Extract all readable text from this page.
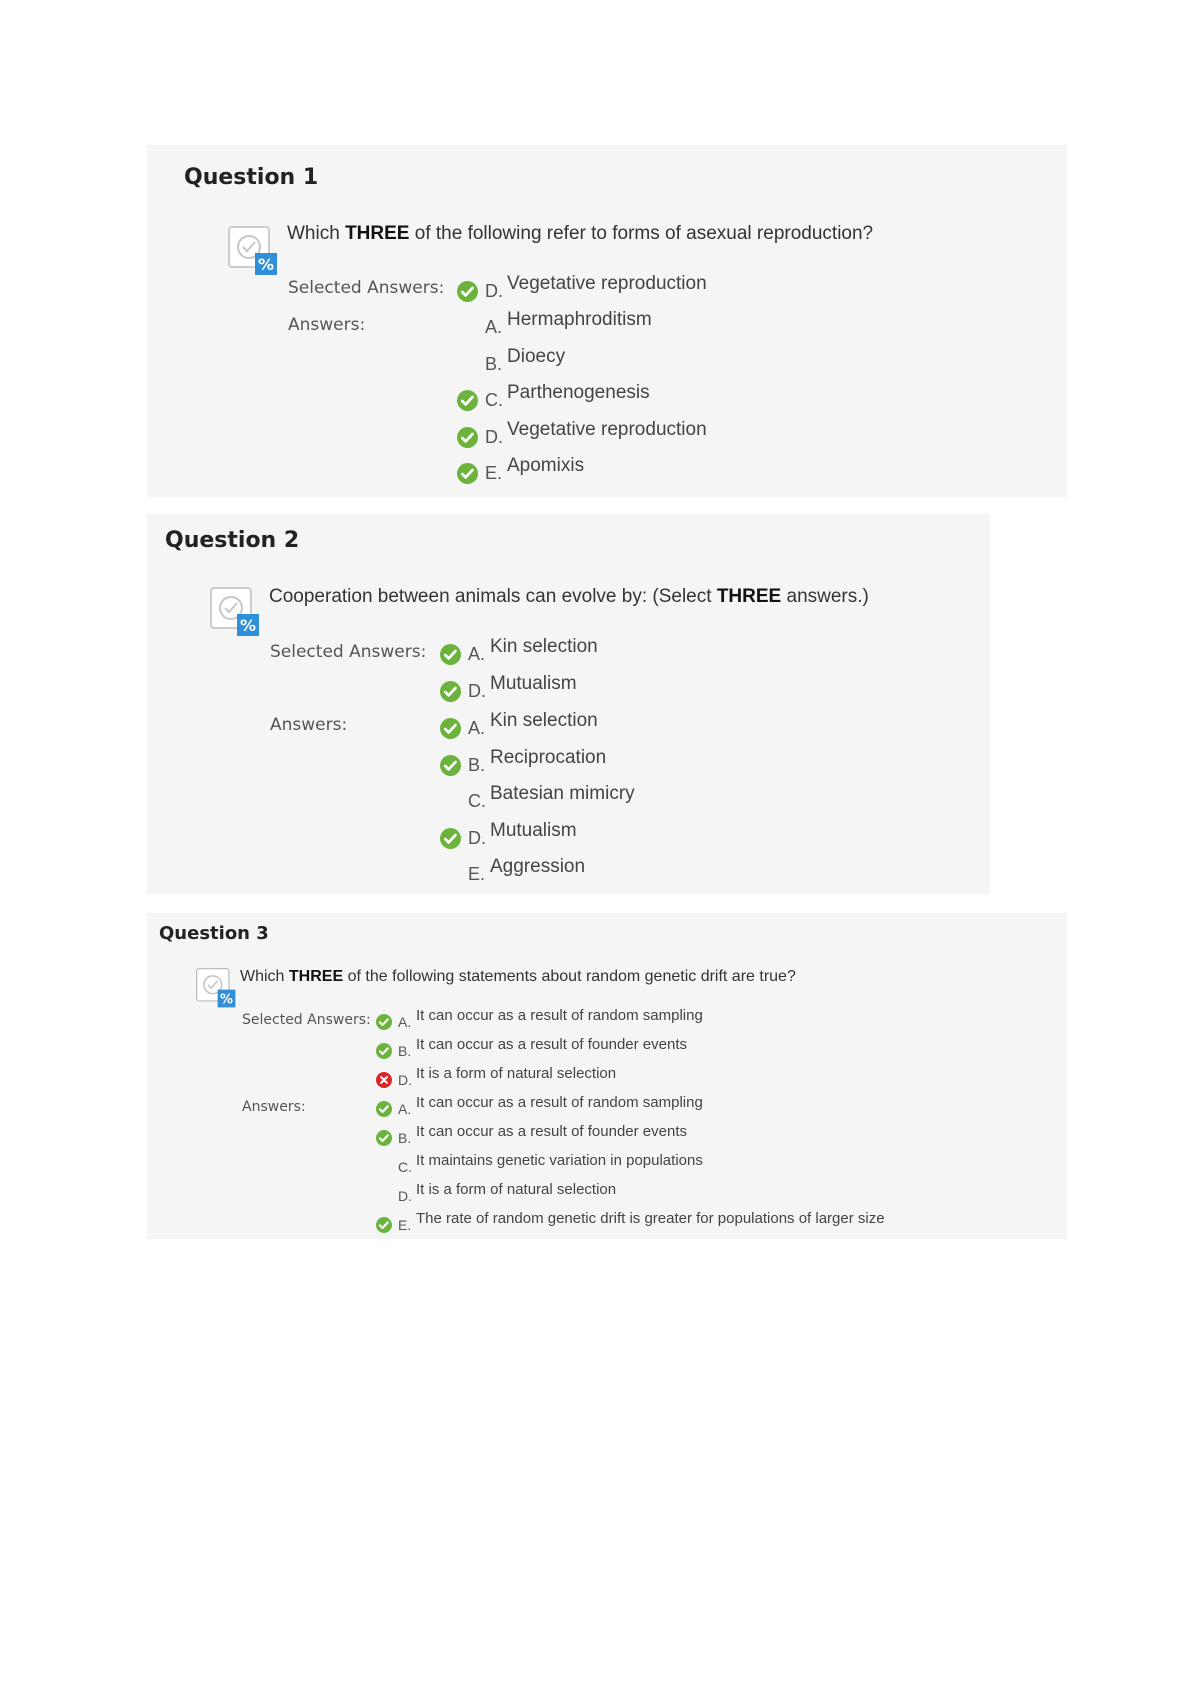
Question 1
%
Which THREE of the following refer to forms of asexual reproduction?
Selected Answers:
Answers:
D. Vegetative reproduction
A. Hermaphroditism
B. Dioecy
C. Parthenogenesis
D. Vegetative reproduction
E. Apomixis
Question 2
%
Cooperation between animals can evolve by: (Select THREE answers.)
Selected Answers:
Answers:
A. Kin selection
D. Mutualism
A. Kin selection
B. Reciprocation
C. Batesian mimicry
D. Mutualism
E. Aggression
Question 3
%
Which THREE of the following statements about random genetic drift are true?
Selected Answers:
Answers:
A. It can occur as a result of random sampling
B. It can occur as a result of founder events
D. It is a form of natural selection
A. It can occur as a result of random sampling
B. It can occur as a result of founder events
C. It maintains genetic variation in populations
D. It is a form of natural selection
E. The rate of random genetic drift is greater for populations of larger size
